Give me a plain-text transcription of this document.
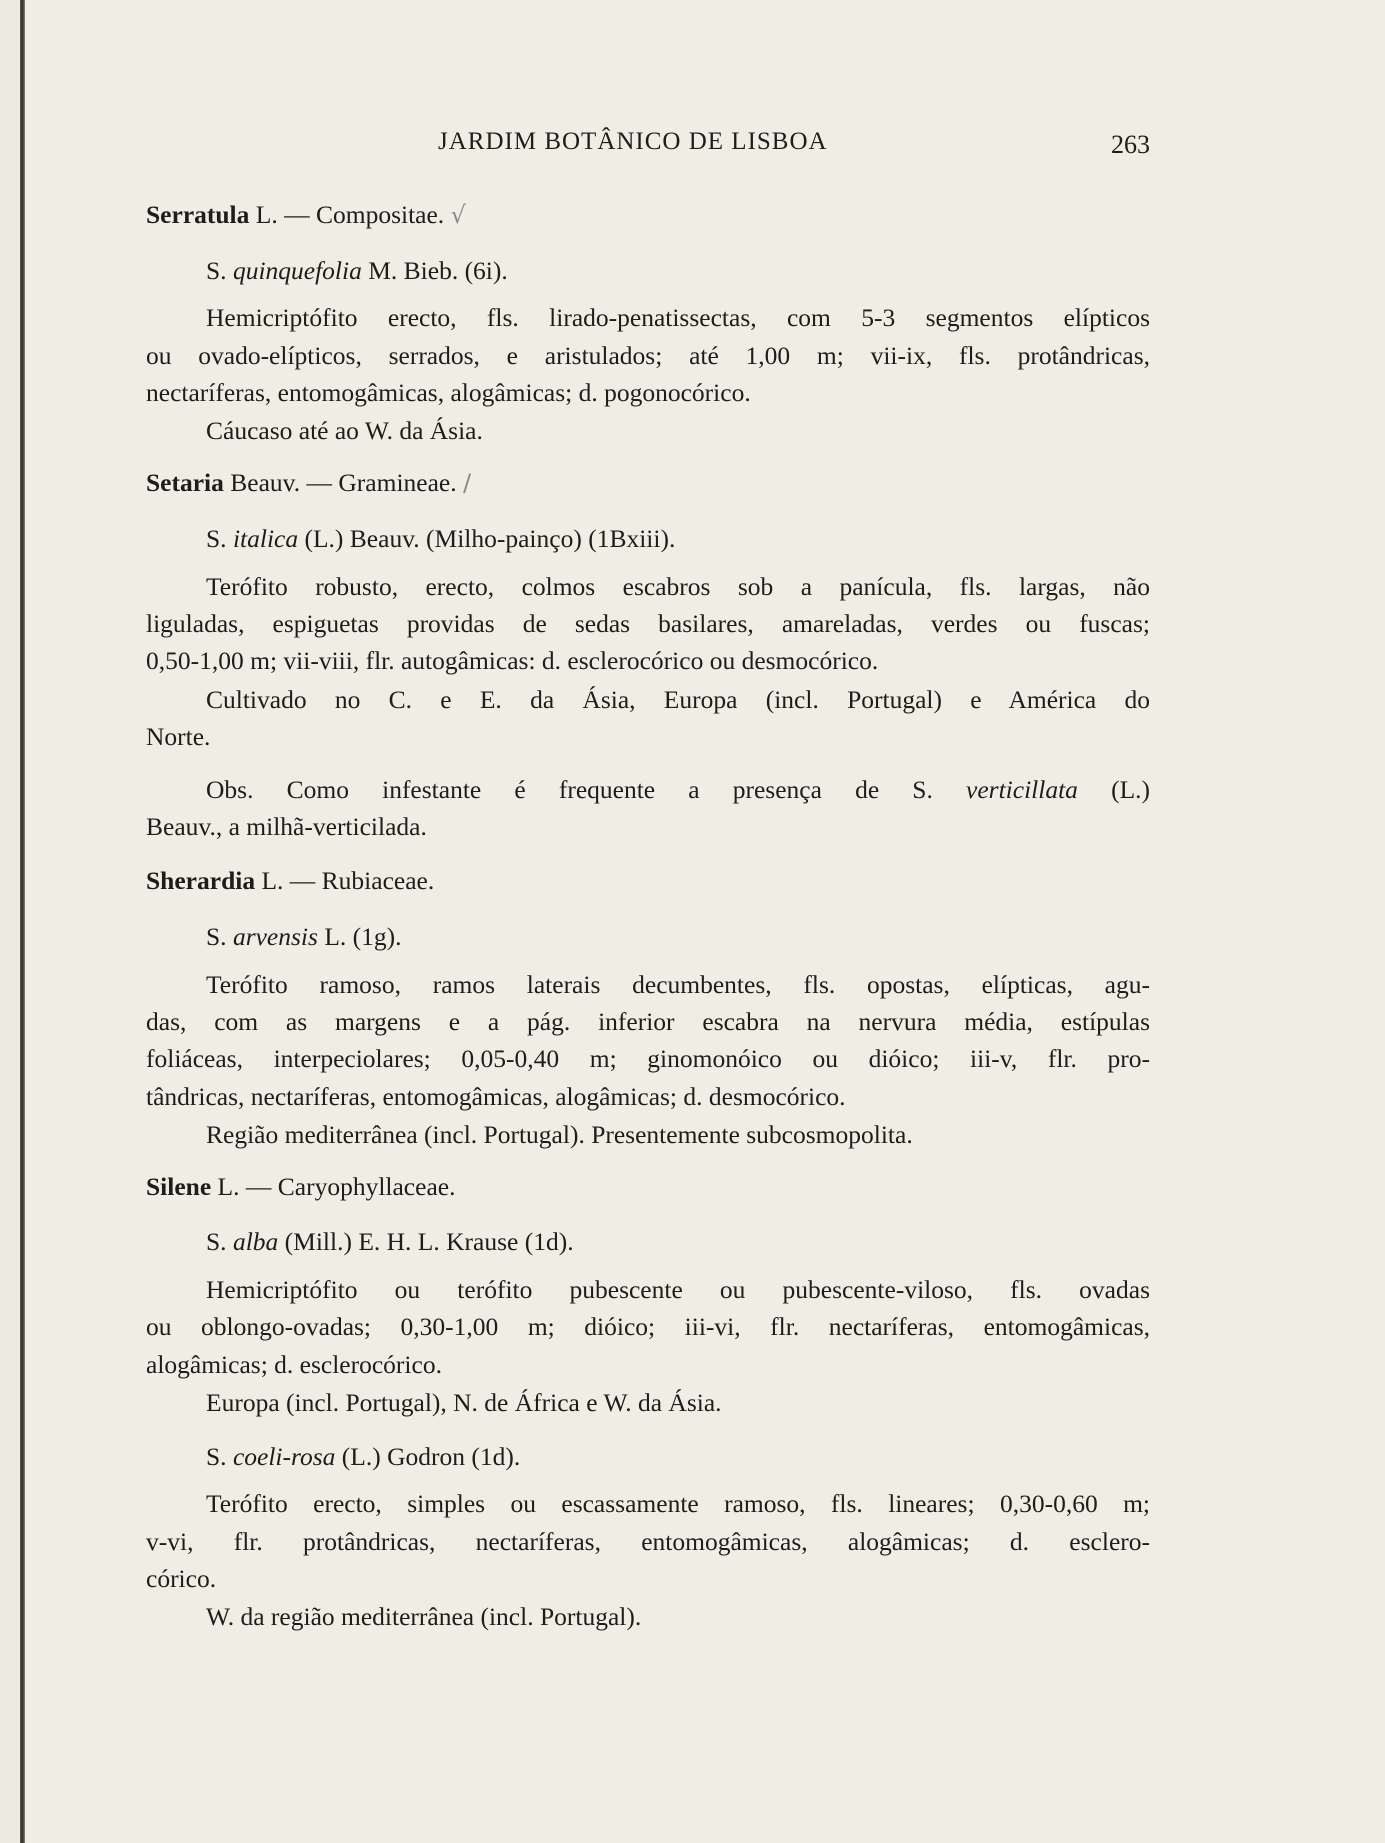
JARDIM BOTÂNICO DE LISBOA	263
Serratula L. — Compositae. √
S. quinquefolia M. Bieb. (6i).
Hemicriptófito erecto, fls. lirado-penatissectas, com 5-3 segmentos elípticos
ou ovado-elípticos, serrados, e aristulados; até 1,00 m; vii-ix, fls. protândricas,
nectaríferas, entomogâmicas, alogâmicas; d. pogonocórico.
Cáucaso até ao W. da Ásia.
Setaria Beauv. — Gramineae. /
S. italica (L.) Beauv. (Milho-painço) (1Bxiii).
Terófito robusto, erecto, colmos escabros sob a panícula, fls. largas, não
liguladas, espiguetas providas de sedas basilares, amareladas, verdes ou fuscas;
0,50-1,00 m; vii-viii, flr. autogâmicas: d. esclerocórico ou desmocórico.
Cultivado no C. e E. da Ásia, Europa (incl. Portugal) e América do
Norte.
Obs. Como infestante é frequente a presença de S. verticillata (L.)
Beauv., a milhã-verticilada.
Sherardia L. — Rubiaceae.
S. arvensis L. (1g).
Terófito ramoso, ramos laterais decumbentes, fls. opostas, elípticas, agu-
das, com as margens e a pág. inferior escabra na nervura média, estípulas
foliáceas, interpeciolares; 0,05-0,40 m; ginomonóico ou dióico; iii-v, flr. pro-
tândricas, nectaríferas, entomogâmicas, alogâmicas; d. desmocórico.
Região mediterrânea (incl. Portugal). Presentemente subcosmopolita.
Silene L. — Caryophyllaceae.
S. alba (Mill.) E. H. L. Krause (1d).
Hemicriptófito ou terófito pubescente ou pubescente-viloso, fls. ovadas
ou oblongo-ovadas; 0,30-1,00 m; dióico; iii-vi, flr. nectaríferas, entomogâmicas,
alogâmicas; d. esclerocórico.
Europa (incl. Portugal), N. de África e W. da Ásia.
S. coeli-rosa (L.) Godron (1d).
Terófito erecto, simples ou escassamente ramoso, fls. lineares; 0,30-0,60 m;
v-vi, flr. protândricas, nectaríferas, entomogâmicas, alogâmicas; d. esclero-
córico.
W. da região mediterrânea (incl. Portugal).
